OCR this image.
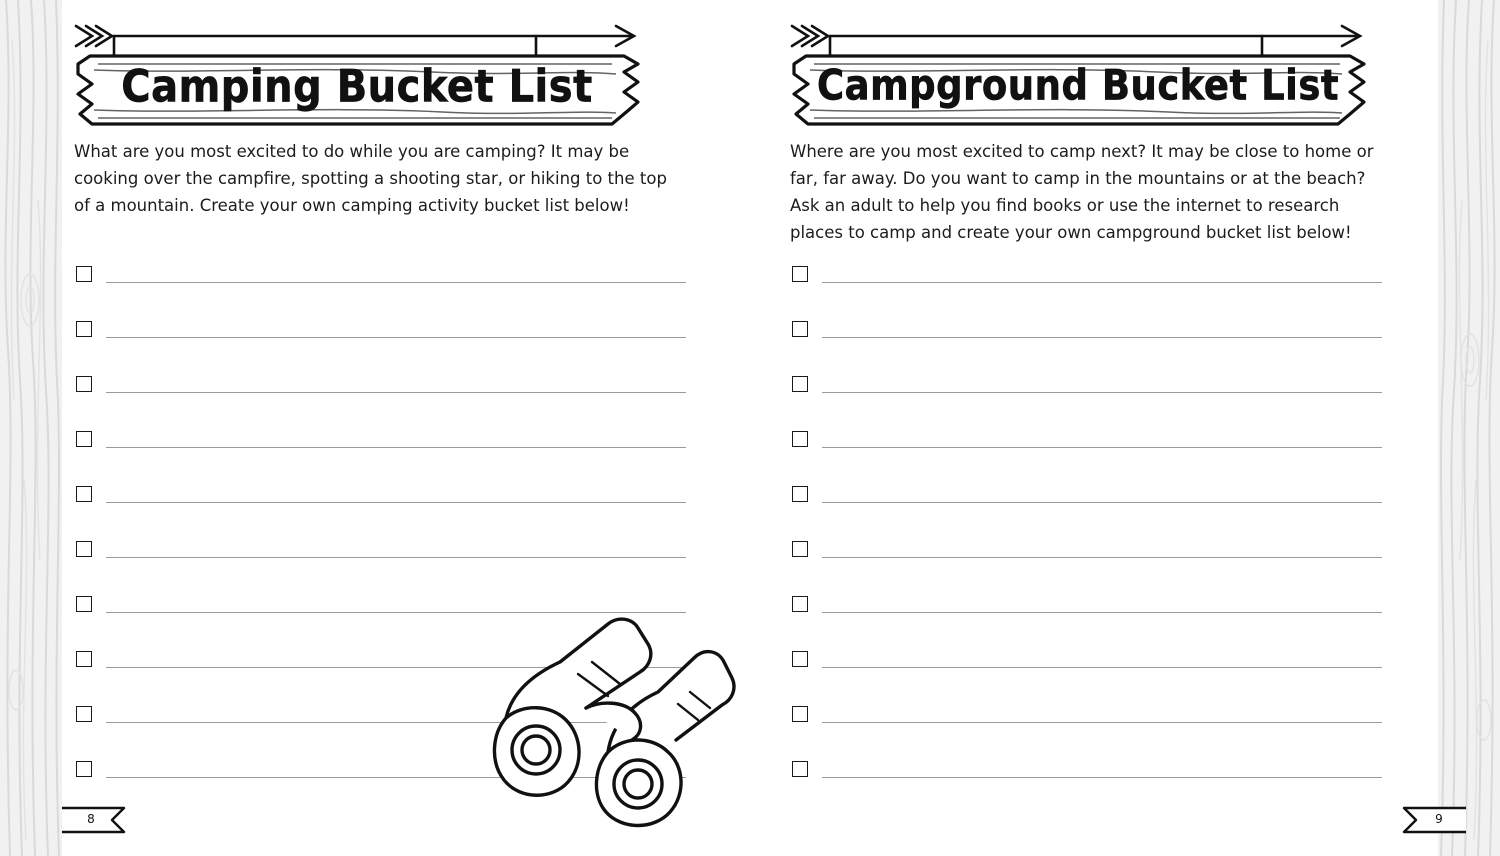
Camping Bucket List
What are you most excited to do while you are camping? It may be cooking over the campfire, spotting a shooting star, or hiking to the top of a mountain. Create your own camping activity bucket list below!
8
Campground Bucket List
Where are you most excited to camp next? It may be close to home or far, far away. Do you want to camp in the mountains or at the beach? Ask an adult to help you find books or use the internet to research places to camp and create your own campground bucket list below!
9
